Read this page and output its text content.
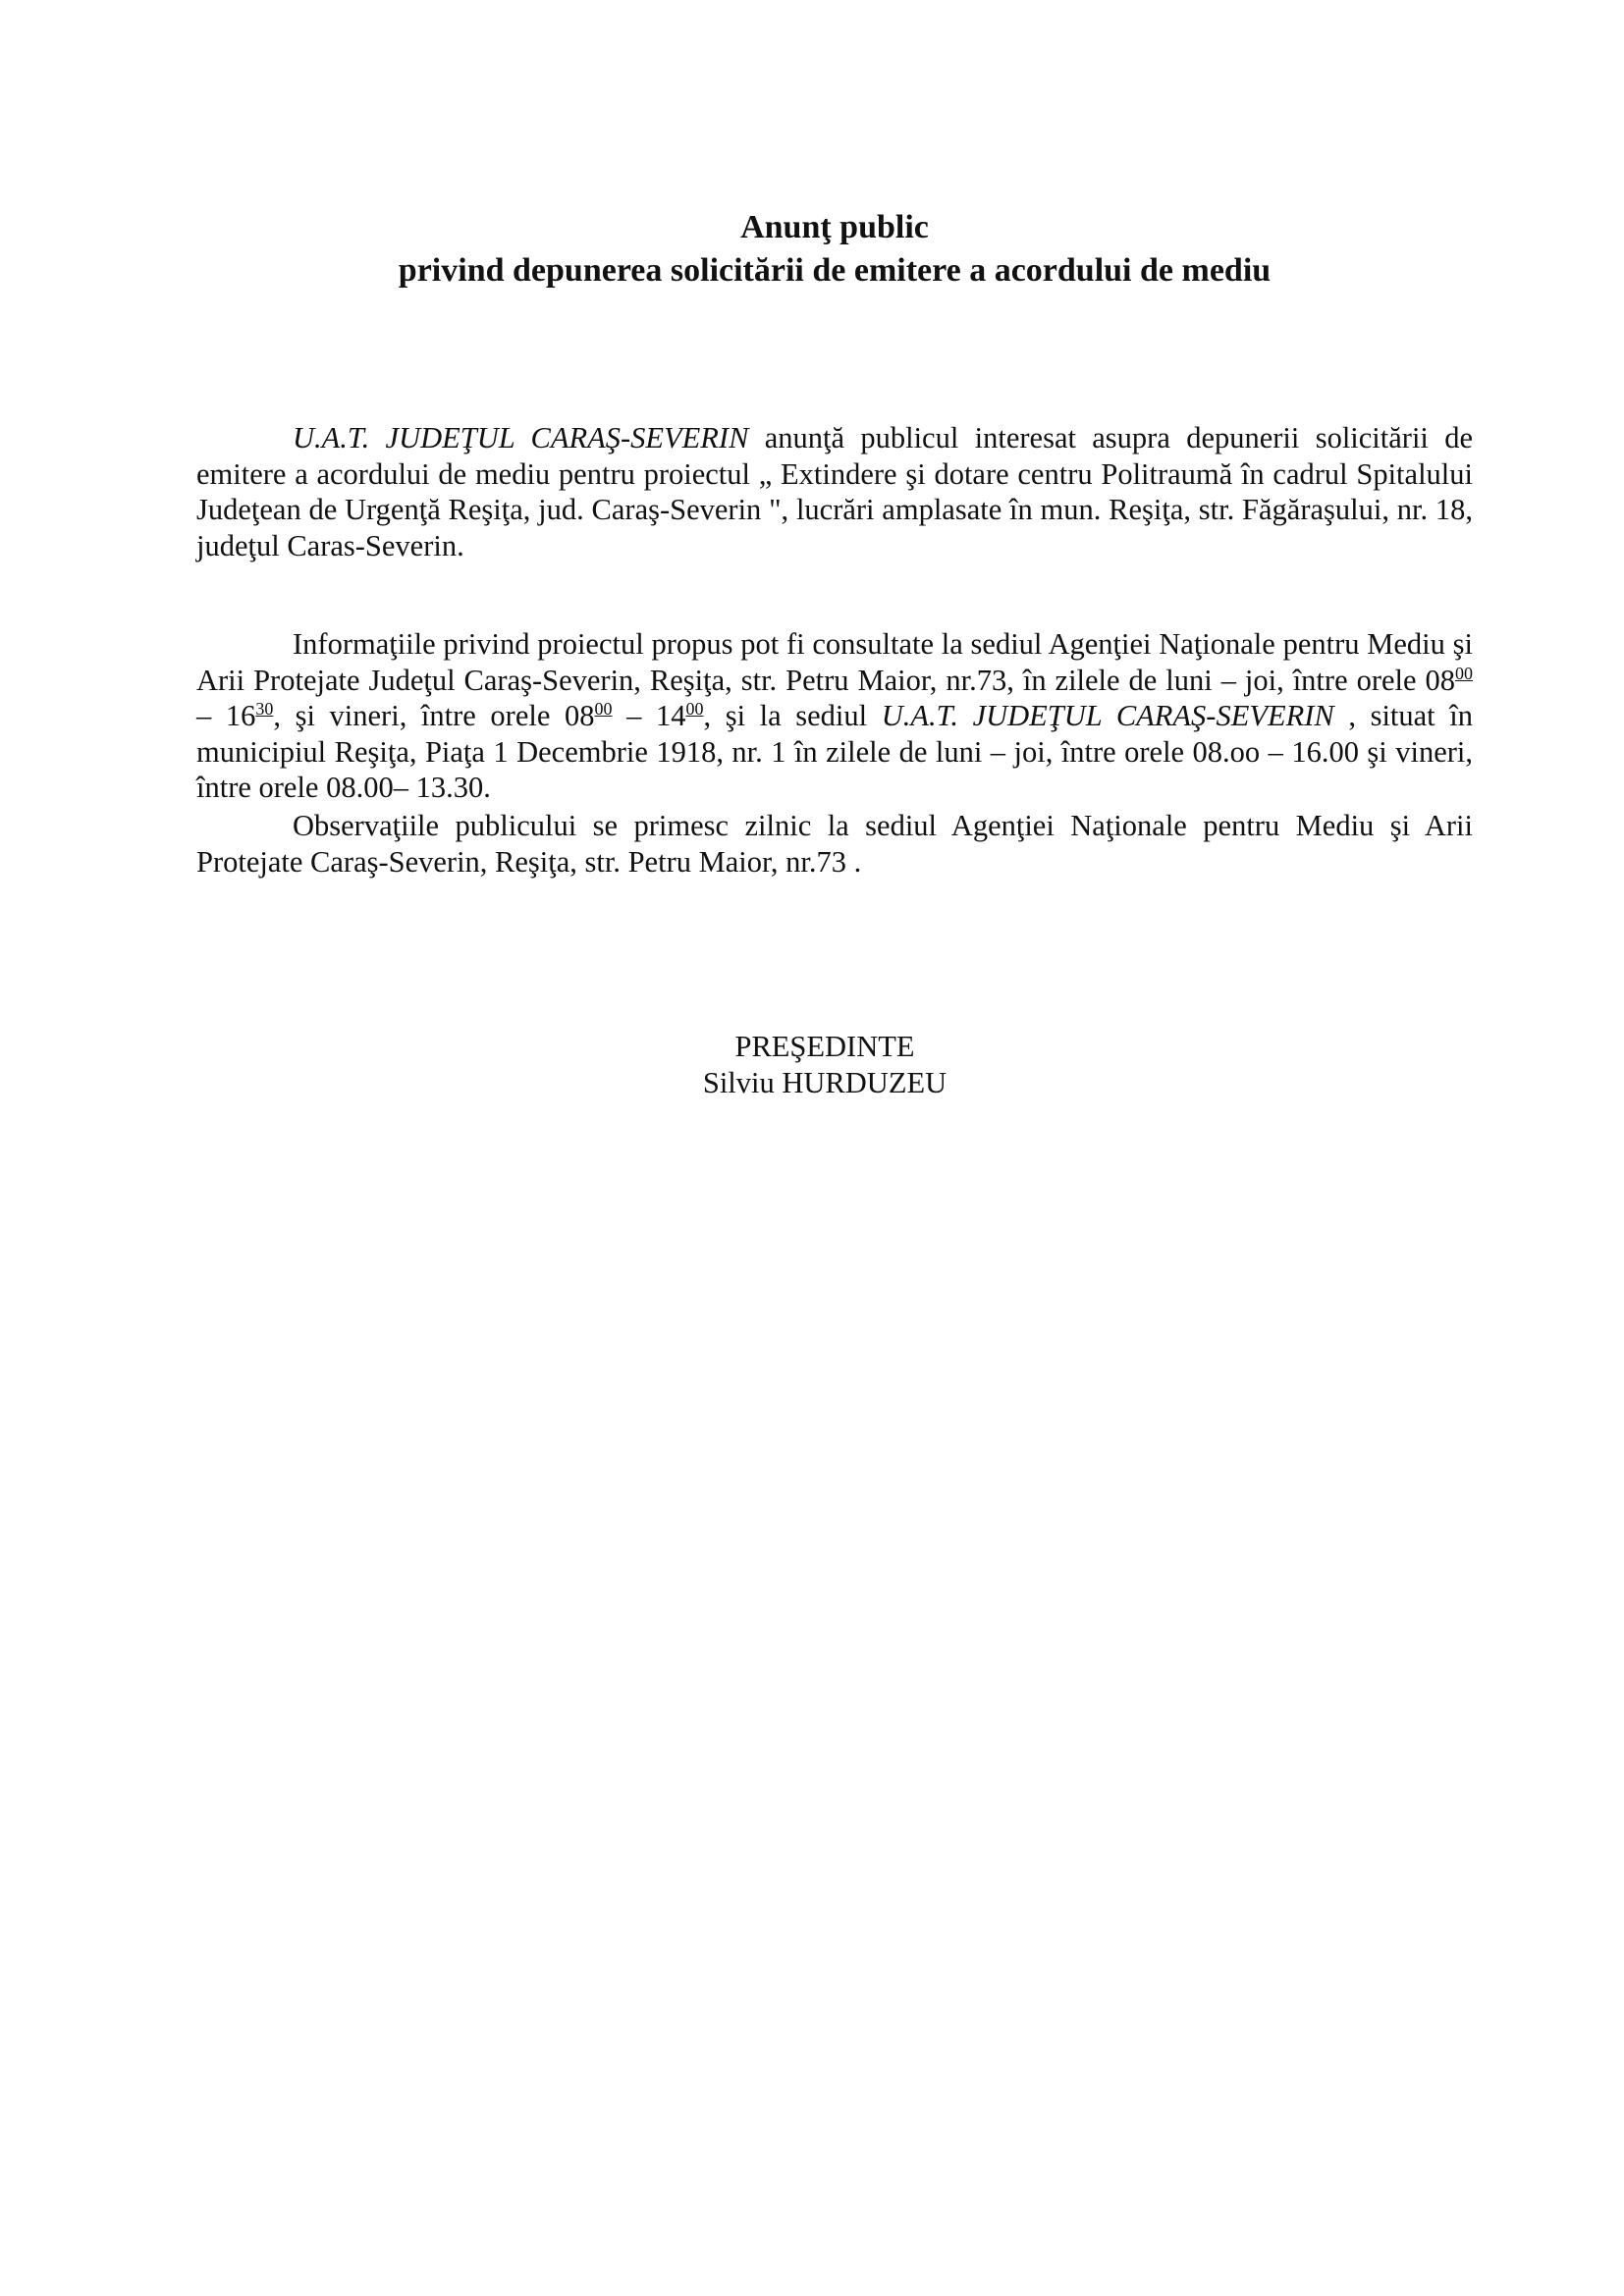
Anunţ public
privind depunerea solicitării de emitere a acordului de mediu

U.A.T. JUDEŢUL CARAŞ-SEVERIN anunţă publicul interesat asupra depunerii solicitării de emitere a acordului de mediu pentru proiectul „ Extindere şi dotare centru Politraumă în cadrul Spitalului Judeţean de Urgenţă Reşiţa, jud. Caraş-Severin ", lucrări amplasate în mun. Reşiţa, str. Făgăraşului, nr. 18, judeţul Caras-Severin.

Informaţiile privind proiectul propus pot fi consultate la sediul Agenţiei Naţionale pentru Mediu şi Arii Protejate Judeţul Caraş-Severin, Reşiţa, str. Petru Maior, nr.73, în zilele de luni – joi, între orele $08^{00} - 16^{30}$, şi vineri, între orele $08^{00} - 14^{00}$, şi la sediul U.A.T. JUDEŢUL CARAŞ-SEVERIN , situat în municipiul Reşiţa, Piaţa 1 Decembrie 1918, nr. 1 în zilele de luni – joi, între orele 08.oo – 16.00 şi vineri, între orele 08.00– 13.30.

Observaţiile publicului se primesc zilnic la sediul Agenţiei Naţionale pentru Mediu şi Arii Protejate Caraş-Severin, Reşiţa, str. Petru Maior, nr.73 .

PREŞEDINTE

Silviu HURDUZEU
